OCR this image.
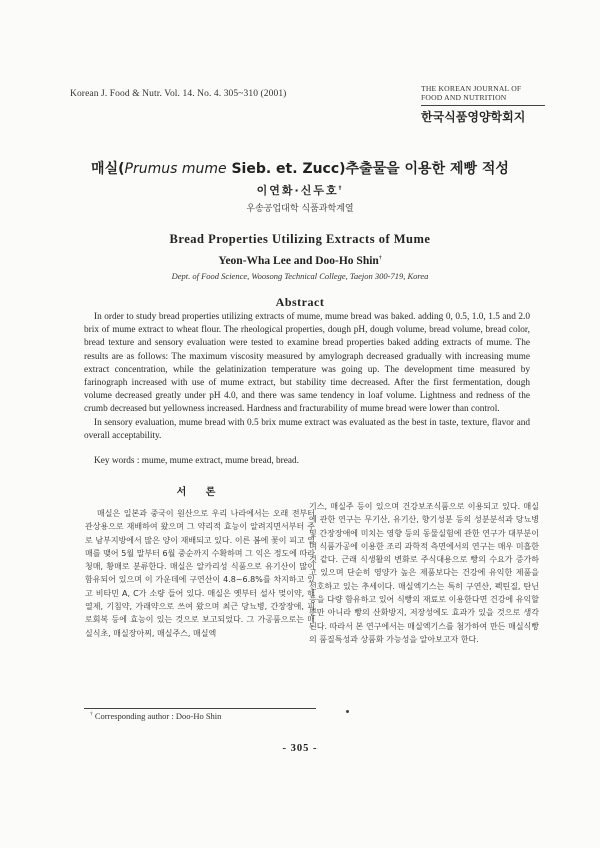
Korean J. Food & Nutr. Vol. 14. No. 4. 305~310 (2001)
THE KOREAN JOURNAL OF
FOOD AND NUTRITION
한국식품영양학회지
매실(Prumus mume Sieb. et. Zucc)추출물을 이용한 제빵 적성
이연화·신두호†
우송공업대학 식품과학계열
Bread Properties Utilizing Extracts of Mume
Yeon-Wha Lee and Doo-Ho Shin†
Dept. of Food Science, Woosong Technical College, Taejon 300-719, Korea
Abstract

In order to study bread properties utilizing extracts of mume, mume bread was baked. adding 0, 0.5, 1.0, 1.5 and 2.0 brix of mume extract to wheat flour. The rheological properties, dough pH, dough volume, bread volume, bread color, bread texture and sensory evaluation were tested to examine bread properties baked adding extracts of mume. The results are as follows: The maximum viscosity measured by amylograph decreased gradually with increasing mume extract concentration, while the gelatinization temperature was going up. The development time measured by farinograph increased with use of mume extract, but stability time decreased. After the first fermentation, dough volume decreased greatly under pH 4.0, and there was same tendency in loaf volume. Lightness and redness of the crumb decreased but yellowness increased. Hardness and fracturability of mume bread were lower than control.

In sensory evaluation, mume bread with 0.5 brix mume extract was evaluated as the best in taste, texture, flavor and overall acceptability.

Key words : mume, mume extract, mume bread, bread.
서 론

매실은 일본과 중국이 원산으로 우리 나라에서는 오래 전부터 관상용으로 재배하여 왔으며 그 약리적 효능이 알려지면서부터 주로 남부지방에서 많은 양이 재배되고 있다. 이른 봄에 꽃이 피고 열매를 맺어 5월 말부터 6월 중순까지 수확하며 그 익은 정도에 따라 청매, 황매로 분류한다. 매실은 알카리성 식품으로 유기산이 많이 함유되어 있으며 이 가운데에 구연산이 4.8~6.8%를 차지하고 있고 비타민 A, C가 소량 들어 있다. 매실은 옛부터 설사 멎이약, 해열제, 기침약, 가래약으로 쓰여 왔으며 최근 당뇨병, 간장장애, 피로회복 등에 효능이 있는 것으로 보고되었다. 그 가공품으로는 매실식초, 매실장아찌, 매실주스, 매실엑

기스, 매실주 등이 있으며 건강보조식품으로 이용되고 있다. 매실에 관한 연구는 무기산, 유기산, 향기성분 등의 성분분석과 당뇨병 및 간장장애에 미치는 영향 등의 동물실험에 관한 연구가 대부분이며 식품가공에 이용한 조리 과학적 측면에서의 연구는 매우 미흡한 것 같다. 근래 식생활의 변화로 주식대용으로 빵의 수요가 증가하고 있으며 단순히 영양가 높은 제품보다는 건강에 유익한 제품을 선호하고 있는 추세이다. 매실엑기스는 특히 구연산, 펙틴질, 탄닌 등을 다량 함유하고 있어 식빵의 재료로 이용한다면 건강에 유익할 뿐만 아니라 빵의 산화방지, 저장성에도 효과가 있을 것으로 생각된다. 따라서 본 연구에서는 매실엑기스를 첨가하여 만든 매실식빵의 품질특성과 상품화 가능성을 알아보고자 한다.

† Corresponding author : Doo-Ho Shin
- 305 -
